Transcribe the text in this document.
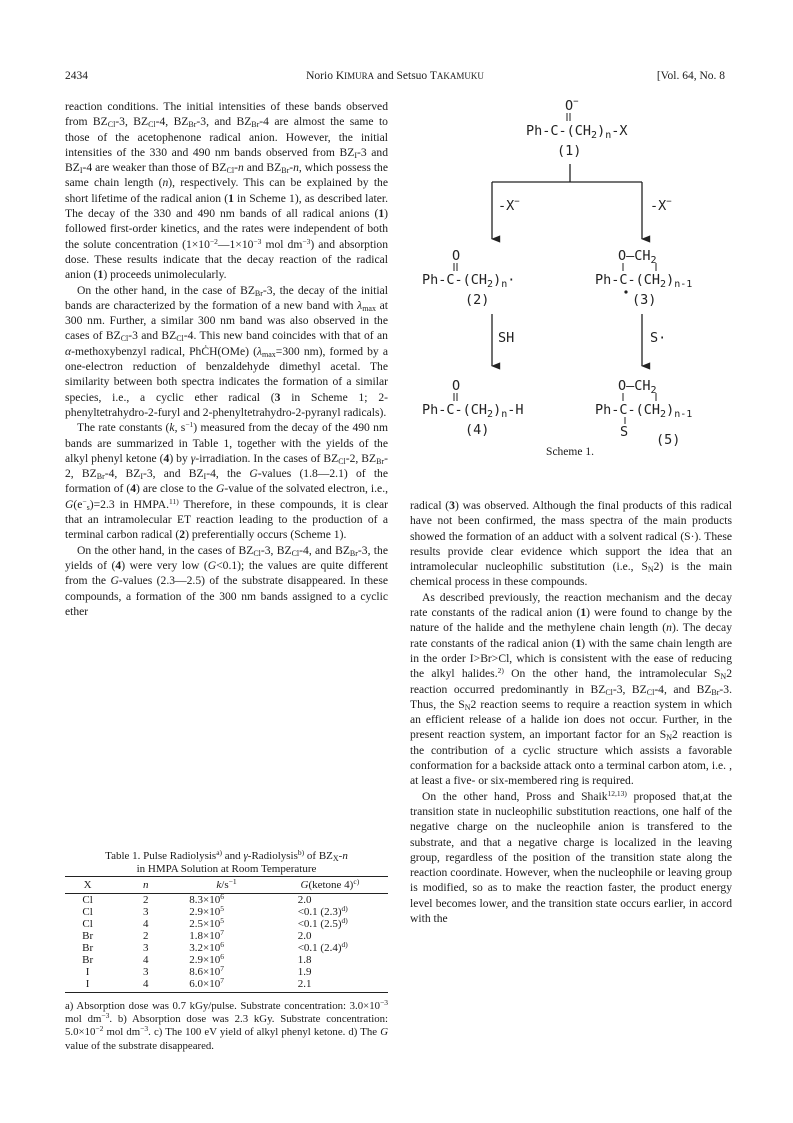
2434	Norio KIMURA and Setsuo TAKAMUKU	[Vol. 64, No. 8

reaction conditions. The initial intensities of these bands observed from $BZ_{Cl}-3$, $BZ_{Cl}-4$, $BZ_{Br}-3$, and $BZ_{Br}-4$ are almost the same to those of the acetophenone radical anion. However, the initial intensities of the 330 and 490 nm bands observed from $BZ_I-3$ and $BZ_I-4$ are weaker than those of $BZ_{Cl}-n$ and $BZ_{Br}-n$, which possess the same chain length (n), respectively. This can be explained by the short lifetime of the radical anion (1 in Scheme 1), as described later. The decay of the 330 and 490 nm bands of all radical anions (1) followed first-order kinetics, and the rates were independent of both the solute concentration ($1\times 10^{-2}—1\times 10^{-3}$ mol $dm^{-3}$) and absorption dose. These results indicate that the decay reaction of the radical anion (1) proceeds unimolecularly.

On the other hand, in the case of $BZ_{Br}-3$, the decay of the initial bands are characterized by the formation of a new band with $\lambda_{max}$ at 300 nm. Further, a similar 300 nm band was also observed in the cases of $BZ_{Cl}-3$ and $BZ_{Cl}-4$. This new band coincides with that of an α-methoxybenzyl radical, PhĊH(OMe) ($\lambda_{max}=300$ nm), formed by a one-electron reduction of benzaldehyde dimethyl acetal. The similarity between both spectra indicates the formation of a similar species, i.e., a cyclic ether radical (3 in Scheme 1; 2-phenyltetrahydro-2-furyl and 2-phenyltetrahydro-2-pyranyl radicals).

The rate constants (k, $s^{-1}$) measured from the decay of the 490 nm bands are summarized in Table 1, together with the yields of the alkyl phenyl ketone (4) by γ-irradiation. In the cases of $BZ_{Cl}-2$, $BZ_{Br}-2$, $BZ_{Br}-4$, $BZ_I-3$, and $BZ_I-4$, the G-values (1.8—2.1) of the formation of (4) are close to the G-value of the solvated electron, i.e., $G(e^-_s)=2.3$ in HMPA.$^{11)}$ Therefore, in these compounds, it is clear that an intramolecular ET reaction leading to the production of a terminal carbon radical (2) preferentially occurs (Scheme 1).

On the other hand, in the cases of $BZ_{Cl}-3$, $BZ_{Cl}-4$, and $BZ_{Br}-3$, the yields of (4) were very low (G<0.1); the values are quite different from the G-values (2.3—2.5) of the substrate disappeared. In these compounds, a formation of the 300 nm bands assigned to a cyclic ether

Table 1. Pulse Radiolysis$^{a)}$ and γ-Radiolysis$^{b)}$ of $BZ_X-n$
in HMPA Solution at Room Temperature
X	n	$k/s^{-1}$	G(ketone 4)$^{c)}$
Cl	2	$8.3\times 10^6$	2.0
Cl	3	$2.9\times 10^5$	<0.1 $(2.3)^{d)}$
Cl	4	$2.5\times 10^5$	<0.1 $(2.5)^{d)}$
Br	2	$1.8\times 10^7$	2.0
Br	3	$3.2\times 10^6$	<0.1 $(2.4)^{d)}$
Br	4	$2.9\times 10^6$	1.8
I	3	$8.6\times 10^7$	1.9
I	4	$6.0\times 10^7$	2.1
a) Absorption dose was 0.7 kGy/pulse. Substrate concentration: $3.0\times 10^{-3}$ mol $dm^{-3}$. b) Absorption dose was 2.3 kGy. Substrate concentration: $5.0\times 10^{-2}$ mol $dm^{-3}$. c) The 100 eV yield of alkyl phenyl ketone. d) The G value of the substrate disappeared.
O−
$Ph-C-(CH_2)_n-X$
(1)
-X−	-X−
O
$Ph-C-(CH_2)_n\cdot$
(2)
$O—CH_2$
$Ph-C-(CH_2)_{n-1}$
(3)
SH	S·
O
$Ph-C-(CH_2)_n-H$
(4)
$O—CH_2$
$Ph-C-(CH_2)_{n-1}$
S (5)
Scheme 1.

radical (3) was observed. Although the final products of this radical have not been confirmed, the mass spectra of the main products showed the formation of an adduct with a solvent radical (S·). These results provide clear evidence which support the idea that an intramolecular nucleophilic substitution (i.e., $S_N2$) is the main chemical process in these compounds.

As described previously, the reaction mechanism and the decay rate constants of the radical anion (1) were found to change by the nature of the halide and the methylene chain length (n). The decay rate constants of the radical anion (1) with the same chain length are in the order I>Br>Cl, which is consistent with the ease of reducing the alkyl halides.$^{2)}$ On the other hand, the intramolecular $S_N2$ reaction occurred predominantly in $BZ_{Cl}-3$, $BZ_{Cl}-4$, and $BZ_{Br}-3$. Thus, the $S_N2$ reaction seems to require a reaction system in which an efficient release of a halide ion does not occur. Further, in the present reaction system, an important factor for an $S_N2$ reaction is the contribution of a cyclic structure which assists a favorable conformation for a backside attack onto a terminal carbon atom, i.e. , at least a five- or six-membered ring is required.

On the other hand, Pross and Shaik$^{12,13)}$ proposed that,at the transition state in nucleophilic substitution reactions, one half of the negative charge on the nucleophile anion is transfered to the substrate, and that a negative charge is localized in the leaving group, regardless of the position of the transition state along the reaction coordinate. However, when the nucleophile or leaving group is modified, so as to make the reaction faster, the product energy level becomes lower, and the transition state occurs earlier, in accord with the
